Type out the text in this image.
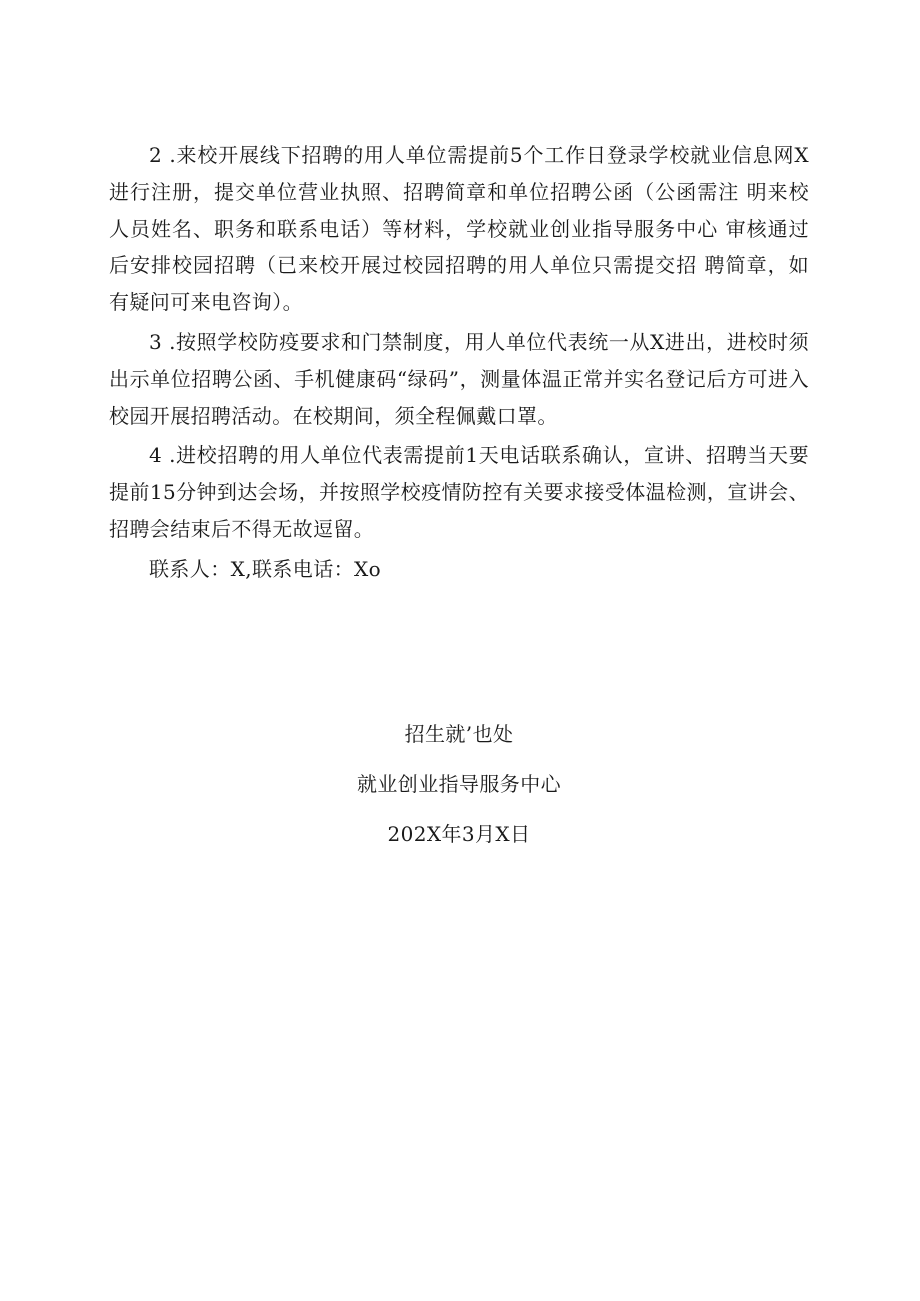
2 .来校开展线下招聘的用人单位需提前5个工作日登录学校就业信息网X进行注册，提交单位营业执照、招聘简章和单位招聘公函（公函需注 明来校人员姓名、职务和联系电话）等材料，学校就业创业指导服务中心 审核通过后安排校园招聘（已来校开展过校园招聘的用人单位只需提交招 聘简章，如有疑问可来电咨询）。

3 .按照学校防疫要求和门禁制度，用人单位代表统一从X进出，进校时须出示单位招聘公函、手机健康码“绿码”，测量体温正常并实名登记后方可进入校园开展招聘活动。在校期间，须全程佩戴口罩。

4 .进校招聘的用人单位代表需提前1天电话联系确认，宣讲、招聘当天要提前15分钟到达会场，并按照学校疫情防控有关要求接受体温检测，宣讲会、招聘会结束后不得无故逗留。

联系人：X,联系电话：Xo

招生就’也处
就业创业指导服务中心
202X年3月X日
